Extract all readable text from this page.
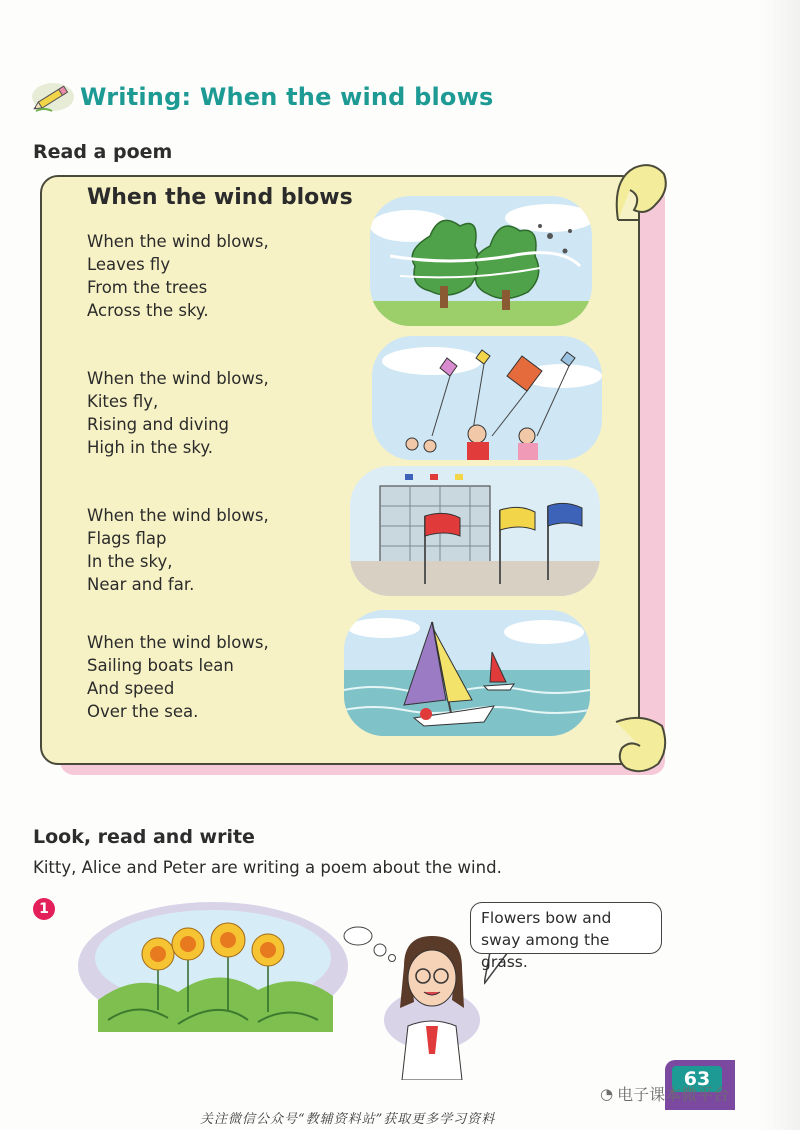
Writing: When the wind blows
Read a poem
When the wind blows
When the wind blows,
Leaves fly
From the trees
Across the sky.
When the wind blows,
Kites fly,
Rising and diving
High in the sky.
When the wind blows,
Flags flap
In the sky,
Near and far.
When the wind blows,
Sailing boats lean
And speed
Over the sea.
Look, read and write
Kitty, Alice and Peter are writing a poem about the wind.
1	Flowers bow and sway among the grass.
63
◔ 电子课本微平台
关注微信公众号“教辅资料站”获取更多学习资料
